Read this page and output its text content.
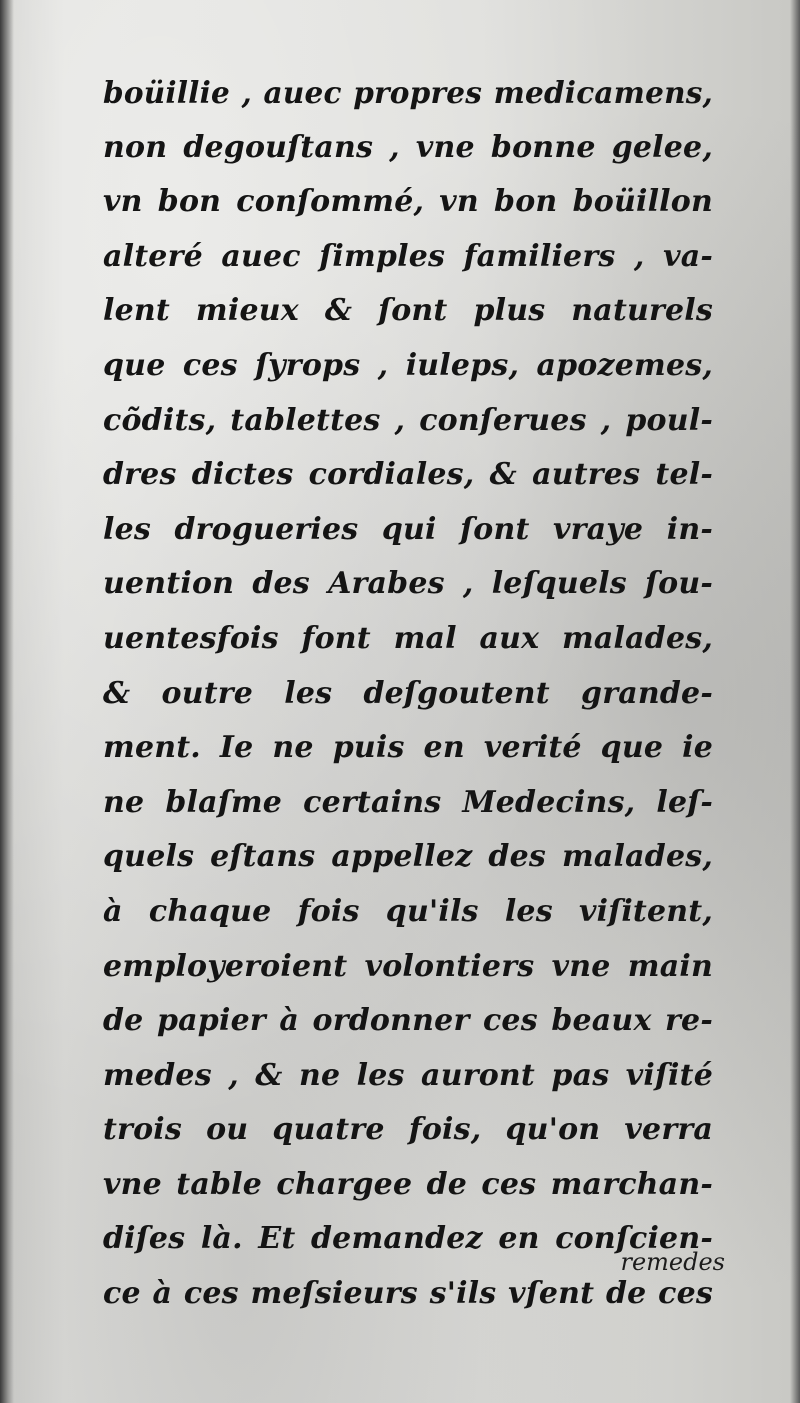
boüillie , auec propres medicamens,
non degouſtans , vne bonne gelee,
vn bon conſommé, vn bon boüillon
alteré auec ſimples familiers , va-
lent mieux & ſont plus naturels
que ces ſyrops , iuleps, apozemes,
cõdits, tablettes , conſerues , poul-
dres dictes cordiales, & autres tel-
les drogueries qui ſont vraye in-
uention des Arabes , leſquels ſou-
uentesfois font mal aux malades,
& outre les deſgoutent grande-
ment. Ie ne puis en verité que ie
ne blaſme certains Medecins, leſ-
quels eſtans appellez des malades,
à chaque fois qu'ils les viſitent,
employeroient volontiers vne main
de papier à ordonner ces beaux re-
medes , & ne les auront pas viſité
trois ou quatre fois, qu'on verra
vne table chargee de ces marchan-
diſes là. Et demandez en conſcien-
ce à ces meſsieurs s'ils vſent de ces
remedes
